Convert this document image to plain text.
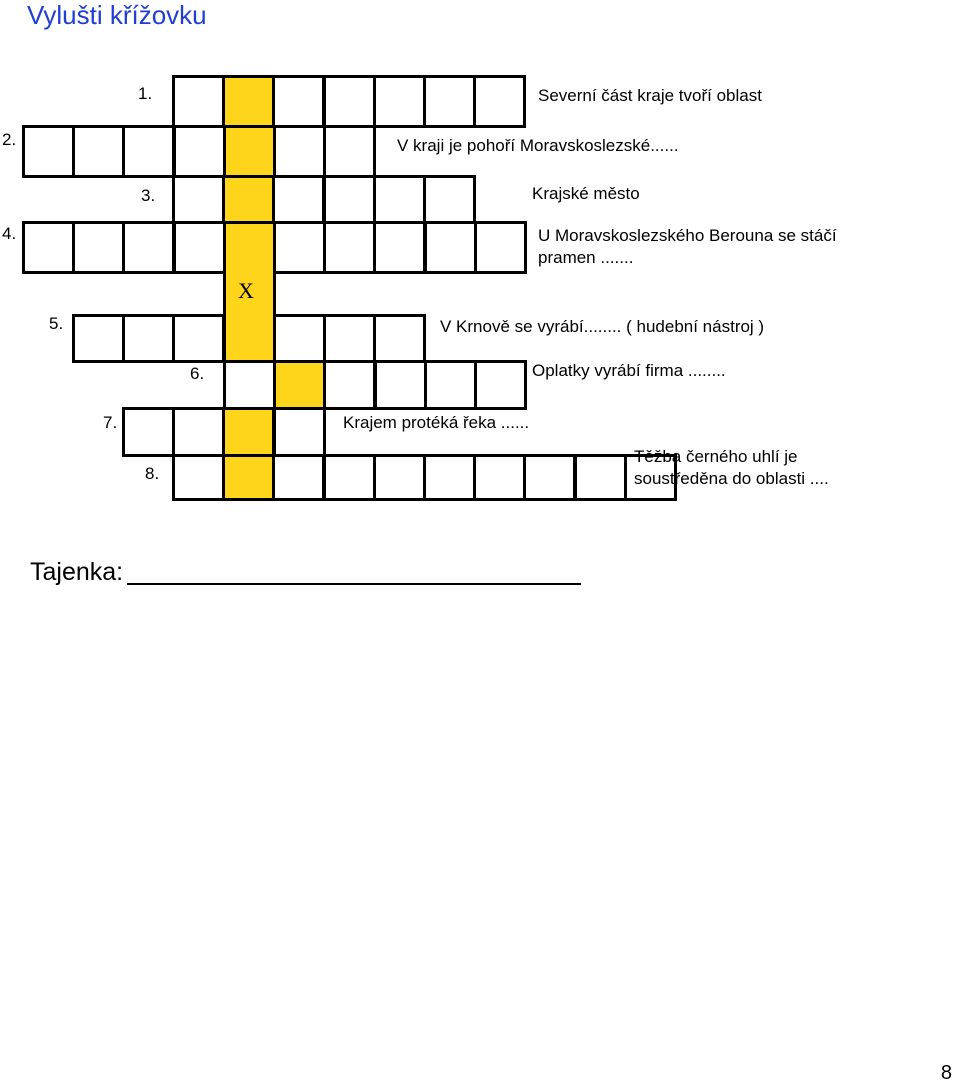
Vylušti křížovku
X
1.
2.
3.
4.
5.
6.
7.
8.
Severní část kraje tvoří oblast
V kraji je pohoří Moravskoslezské......
Krajské město
U Moravskoslezského Berouna se stáčí pramen .......
V Krnově se vyrábí........ ( hudební nástroj )
Oplatky vyrábí firma ........
Krajem protéká řeka ......
Těžba černého uhlí je soustředěna do oblasti ....
Tajenka:
8
